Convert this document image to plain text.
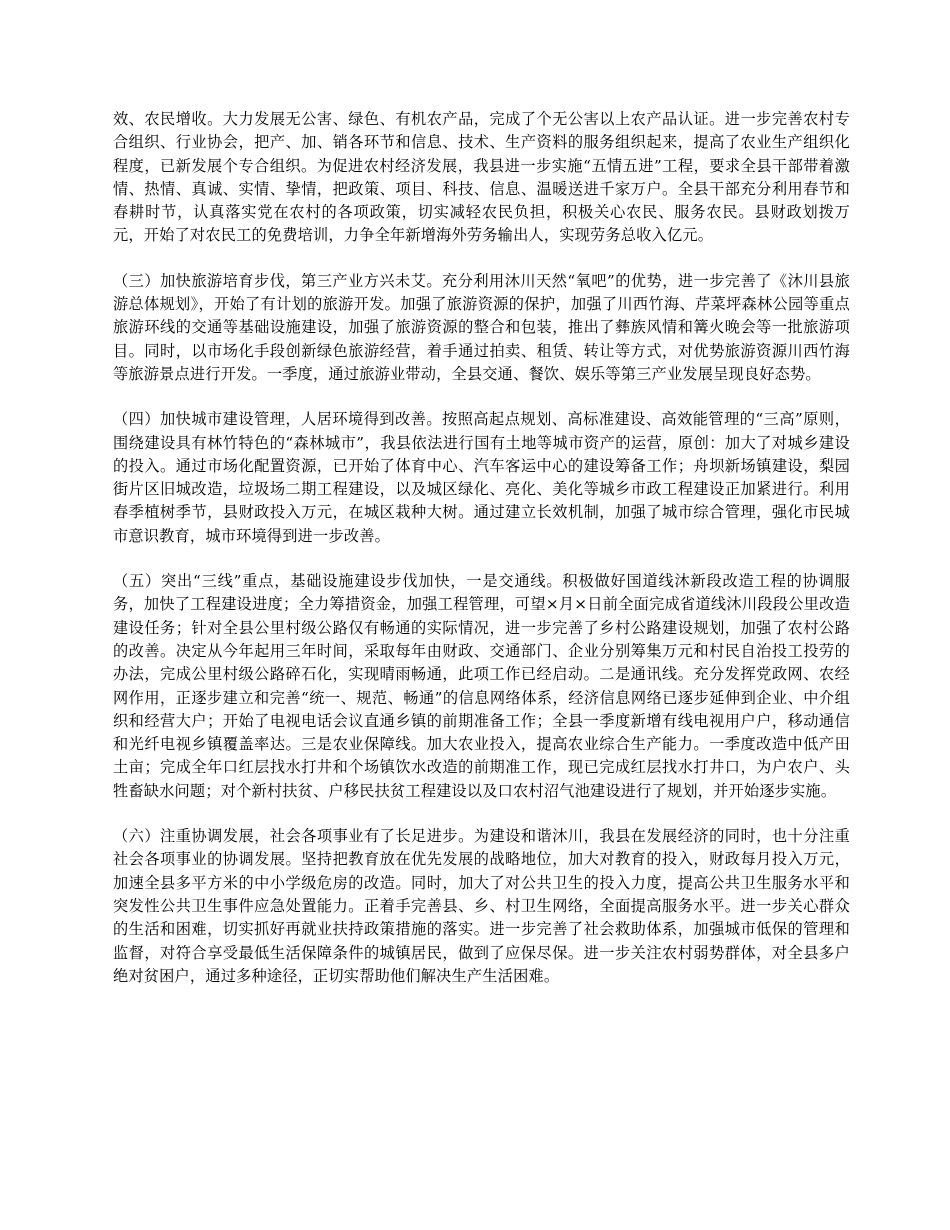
效、农民增收。大力发展无公害、绿色、有机农产品，完成了个无公害以上农产品认证。进一步完善农村专合组织、行业协会，把产、加、销各环节和信息、技术、生产资料的服务组织起来，提高了农业生产组织化程度，已新发展个专合组织。为促进农村经济发展，我县进一步实施“五情五进”工程，要求全县干部带着激情、热情、真诚、实情、挚情，把政策、项目、科技、信息、温暖送进千家万户。全县干部充分利用春节和春耕时节，认真落实党在农村的各项政策，切实减轻农民负担，积极关心农民、服务农民。县财政划拨万元，开始了对农民工的免费培训，力争全年新增海外劳务输出人，实现劳务总收入亿元。

（三）加快旅游培育步伐，第三产业方兴未艾。充分利用沐川天然“氧吧”的优势，进一步完善了《沐川县旅游总体规划》，开始了有计划的旅游开发。加强了旅游资源的保护，加强了川西竹海、芹菜坪森林公园等重点旅游环线的交通等基础设施建设，加强了旅游资源的整合和包装，推出了彝族风情和篝火晚会等一批旅游项目。同时，以市场化手段创新绿色旅游经营，着手通过拍卖、租赁、转让等方式，对优势旅游资源川西竹海等旅游景点进行开发。一季度，通过旅游业带动，全县交通、餐饮、娱乐等第三产业发展呈现良好态势。

（四）加快城市建设管理，人居环境得到改善。按照高起点规划、高标准建设、高效能管理的“三高”原则，围绕建设具有林竹特色的“森林城市”，我县依法进行国有土地等城市资产的运营，原创：加大了对城乡建设的投入。通过市场化配置资源，已开始了体育中心、汽车客运中心的建设筹备工作；舟坝新场镇建设，梨园街片区旧城改造，垃圾场二期工程建设，以及城区绿化、亮化、美化等城乡市政工程建设正加紧进行。利用春季植树季节，县财政投入万元，在城区栽种大树。通过建立长效机制，加强了城市综合管理，强化市民城市意识教育，城市环境得到进一步改善。

（五）突出“三线”重点，基础设施建设步伐加快，一是交通线。积极做好国道线沐新段改造工程的协调服务，加快了工程建设进度；全力筹措资金，加强工程管理，可望×月×日前全面完成省道线沐川段段公里改造建设任务；针对全县公里村级公路仅有畅通的实际情况，进一步完善了乡村公路建设规划，加强了农村公路的改善。决定从今年起用三年时间，采取每年由财政、交通部门、企业分别筹集万元和村民自治投工投劳的办法，完成公里村级公路碎石化，实现晴雨畅通，此项工作已经启动。二是通讯线。充分发挥党政网、农经网作用，正逐步建立和完善“统一、规范、畅通”的信息网络体系，经济信息网络已逐步延伸到企业、中介组织和经营大户；开始了电视电话会议直通乡镇的前期准备工作；全县一季度新增有线电视用户户，移动通信和光纤电视乡镇覆盖率达。三是农业保障线。加大农业投入，提高农业综合生产能力。一季度改造中低产田土亩；完成全年口红层找水打井和个场镇饮水改造的前期准工作，现已完成红层找水打井口，为户农户、头牲畜缺水问题；对个新村扶贫、户移民扶贫工程建设以及口农村沼气池建设进行了规划，并开始逐步实施。

（六）注重协调发展，社会各项事业有了长足进步。为建设和谐沐川，我县在发展经济的同时，也十分注重社会各项事业的协调发展。坚持把教育放在优先发展的战略地位，加大对教育的投入，财政每月投入万元，加速全县多平方米的中小学级危房的改造。同时，加大了对公共卫生的投入力度，提高公共卫生服务水平和突发性公共卫生事件应急处置能力。正着手完善县、乡、村卫生网络，全面提高服务水平。进一步关心群众的生活和困难，切实抓好再就业扶持政策措施的落实。进一步完善了社会救助体系，加强城市低保的管理和监督，对符合享受最低生活保障条件的城镇居民，做到了应保尽保。进一步关注农村弱势群体，对全县多户绝对贫困户，通过多种途径，正切实帮助他们解决生产生活困难。
